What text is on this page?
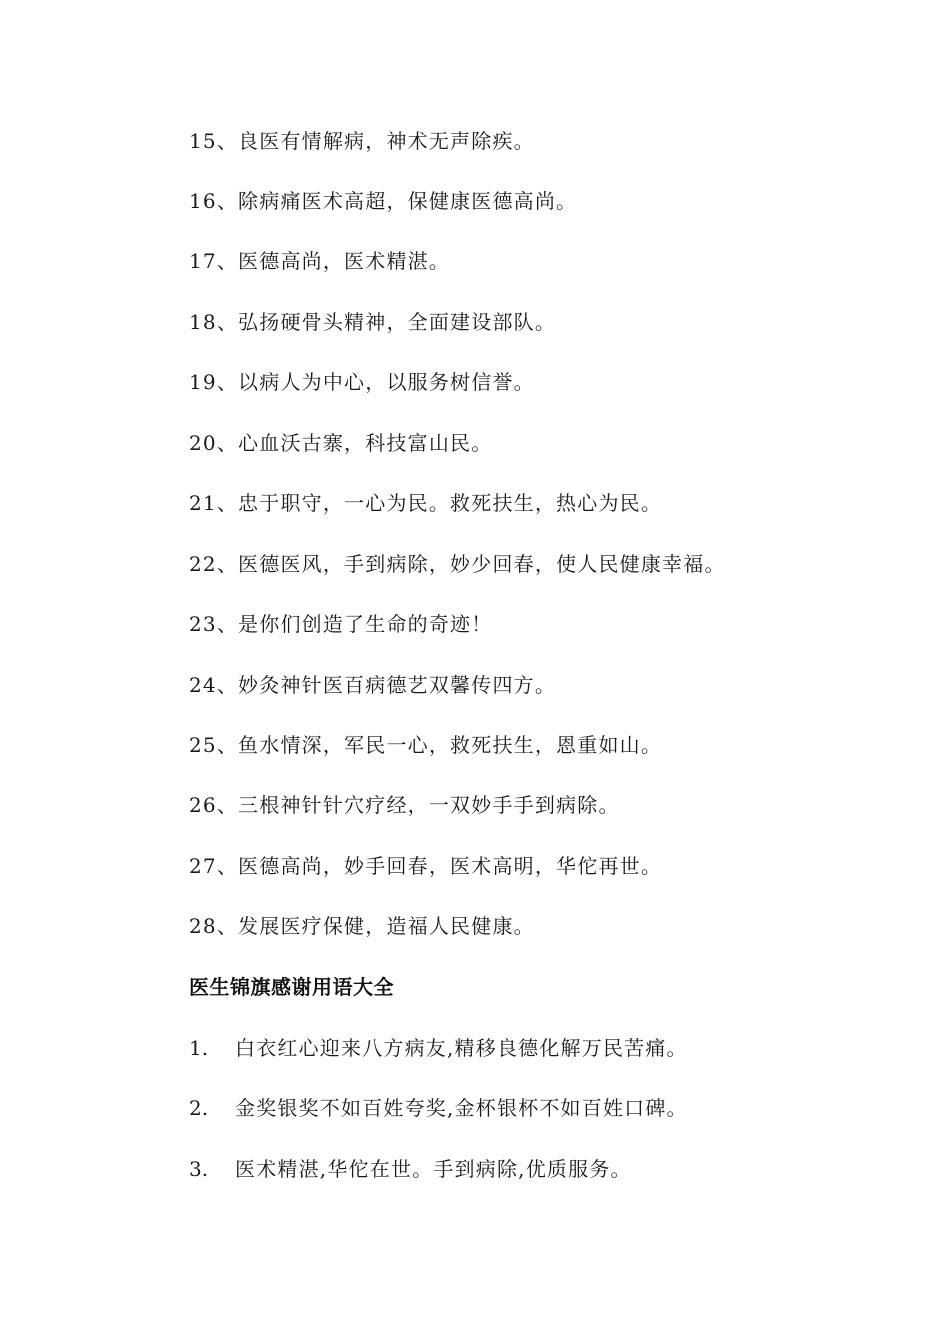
15、良医有情解病，神术无声除疾。
16、除病痛医术高超，保健康医德高尚。
17、医德高尚，医术精湛。
18、弘扬硬骨头精神，全面建设部队。
19、以病人为中心，以服务树信誉。
20、心血沃古寨，科技富山民。
21、忠于职守，一心为民。救死扶生，热心为民。
22、医德医风，手到病除，妙少回春，使人民健康幸福。
23、是你们创造了生命的奇迹！
24、妙灸神针医百病德艺双馨传四方。
25、鱼水情深，军民一心，救死扶生，恩重如山。
26、三根神针针穴疗经，一双妙手手到病除。
27、医德高尚，妙手回春，医术高明，华佗再世。
28、发展医疗保健，造福人民健康。
医生锦旗感谢用语大全
1. 白衣红心迎来八方病友,精移良德化解万民苦痛。
2. 金奖银奖不如百姓夸奖,金杯银杯不如百姓口碑。
3. 医术精湛,华佗在世。手到病除,优质服务。
